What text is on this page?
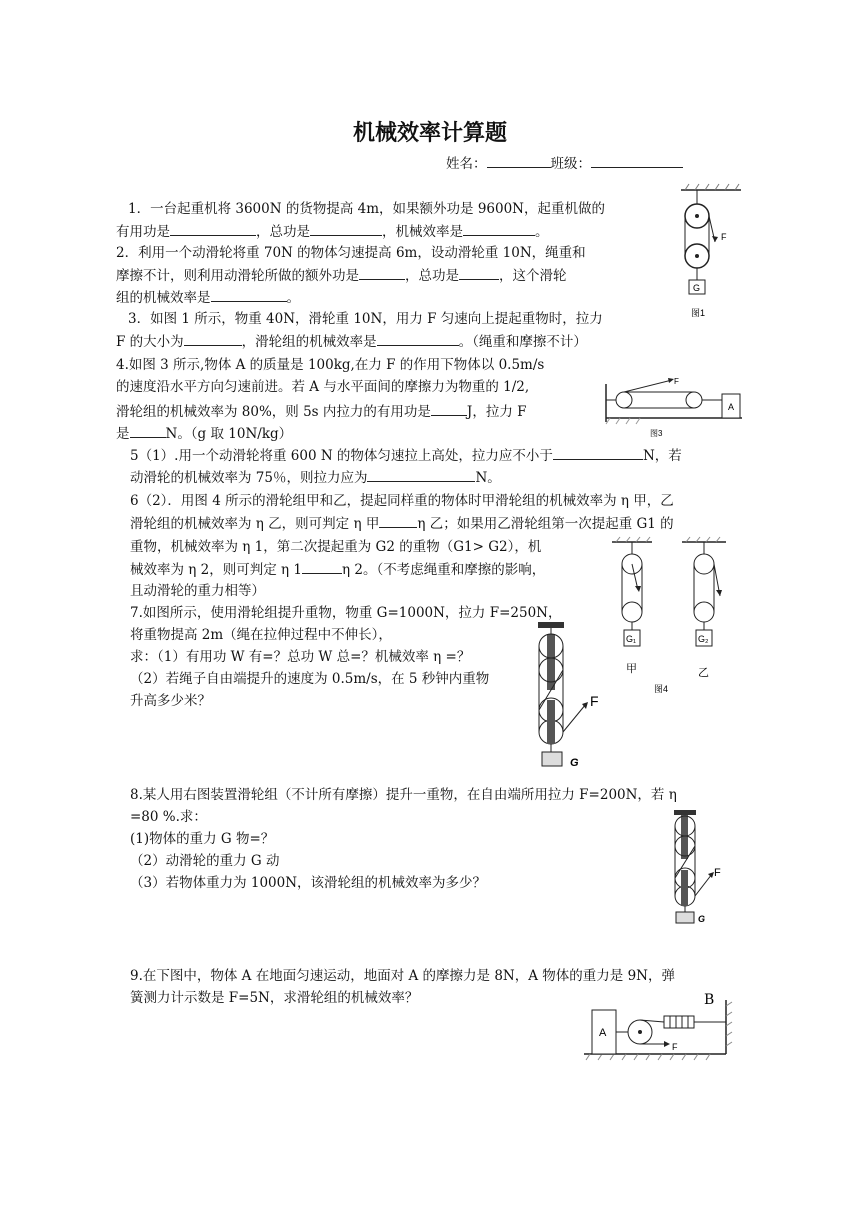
机械效率计算题
姓名：	班级：
1．一台起重机将 3600N 的货物提高 4m，如果额外功是 9600N，起重机做的
有用功是	，总功是	，机械效率是	。
2．利用一个动滑轮将重 70N 的物体匀速提高 6m，设动滑轮重 10N，绳重和
摩擦不计，则利用动滑轮所做的额外功是	，总功是	，这个滑轮
组的机械效率是	。
3．如图 1 所示，物重 40N，滑轮重 10N，用力 F 匀速向上提起重物时，拉力
F 的大小为	，滑轮组的机械效率是	。（绳重和摩擦不计）
4.如图 3 所示,物体 A 的质量是 100kg,在力 F 的作用下物体以 0.5m/s
的速度沿水平方向匀速前进。若 A 与水平面间的摩擦力为物重的 1/2,
滑轮组的机械效率为 80%，则 5s 内拉力的有用功是	J，拉力 F
是	N。（g 取 10N/kg）
5（1）.用一个动滑轮将重 600 N 的物体匀速拉上高处，拉力应不小于	N，若
动滑轮的机械效率为 75％，则拉力应为	N。
6（2）．用图 4 所示的滑轮组甲和乙，提起同样重的物体时甲滑轮组的机械效率为 η 甲，乙
滑轮组的机械效率为 η 乙，则可判定 η 甲	η 乙；如果用乙滑轮组第一次提起重 G1 的
重物，机械效率为 η 1，第二次提起重为 G2 的重物（G1> G2），机
械效率为 η 2，则可判定 η 1	η 2。（不考虑绳重和摩擦的影响，
且动滑轮的重力相等）
7.如图所示，使用滑轮组提升重物，物重 G=1000N，拉力 F=250N，
将重物提高 2m（绳在拉伸过程中不伸长），
求：（1）有用功 W 有=？总功 W 总=？机械效率 η =？
（2）若绳子自由端提升的速度为 0.5m/s，在 5 秒钟内重物
升高多少米？
8.某人用右图装置滑轮组（不计所有摩擦）提升一重物，在自由端所用拉力 F=200N，若 η
=80 %.求：
(1)物体的重力 G 物=？
（2）动滑轮的重力 G 动
（3）若物体重力为 1000N，该滑轮组的机械效率为多少？
9.在下图中，物体 A 在地面匀速运动，地面对 A 的摩擦力是 8N，A 物体的重力是 9N，弹
簧测力计示数是 F=5N，求滑轮组的机械效率？
G
F
图1
A
F
图3
G₁	G₂
甲	乙
图4
F
G
F
G
A
F
B
